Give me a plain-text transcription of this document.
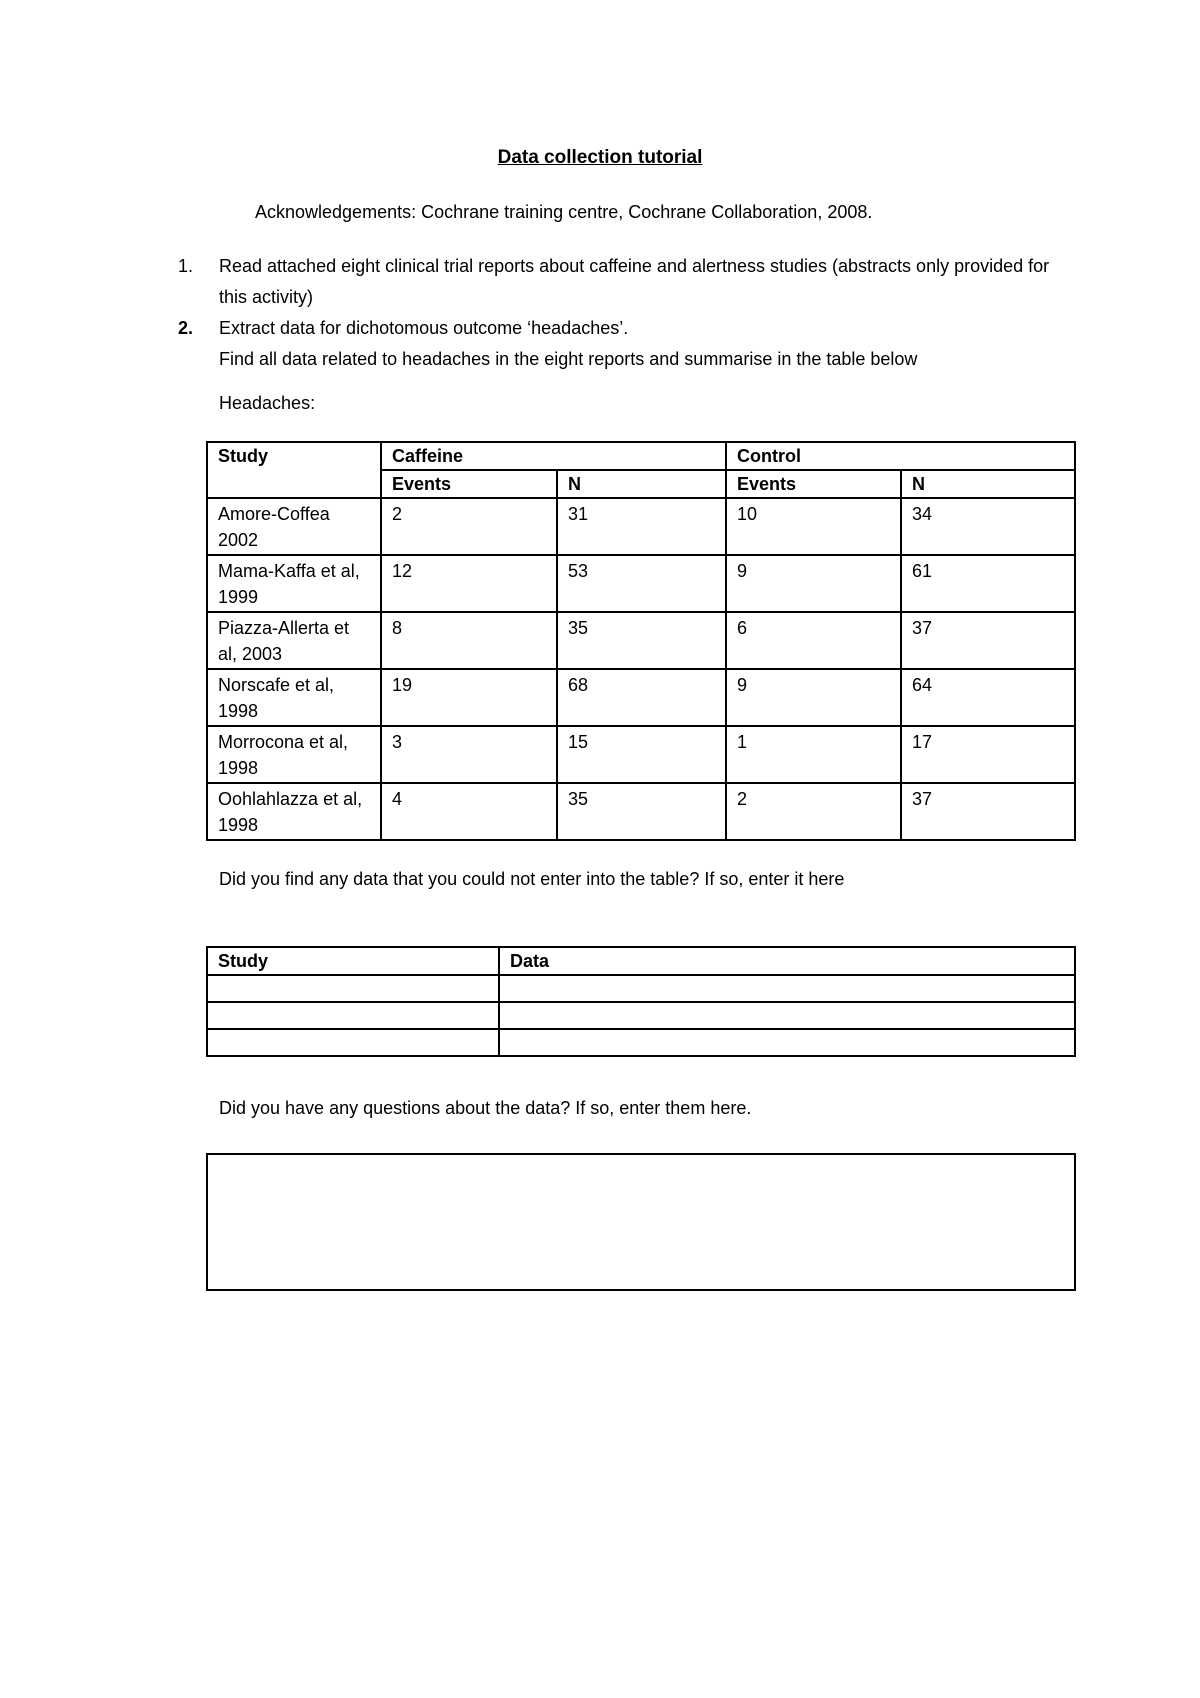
Data collection tutorial
Acknowledgements: Cochrane training centre, Cochrane Collaboration, 2008.
1. Read attached eight clinical trial reports about caffeine and alertness studies (abstracts only provided for this activity)
2. Extract data for dichotomous outcome ‘headaches’.
Find all data related to headaches in the eight reports and summarise in the table below
Headaches:
Study	Caffeine		Control	
	Events	N	Events	N
Amore-Coffea 2002	2	31	10	34
Mama-Kaffa et al, 1999	12	53	9	61
Piazza-Allerta et al, 2003	8	35	6	37
Norscafe et al, 1998	19	68	9	64
Morrocona et al, 1998	3	15	1	17
Oohlahlazza et al, 1998	4	35	2	37
Did you find any data that you could not enter into the table? If so, enter it here
Study	Data

Did you have any questions about the data? If so, enter them here.
